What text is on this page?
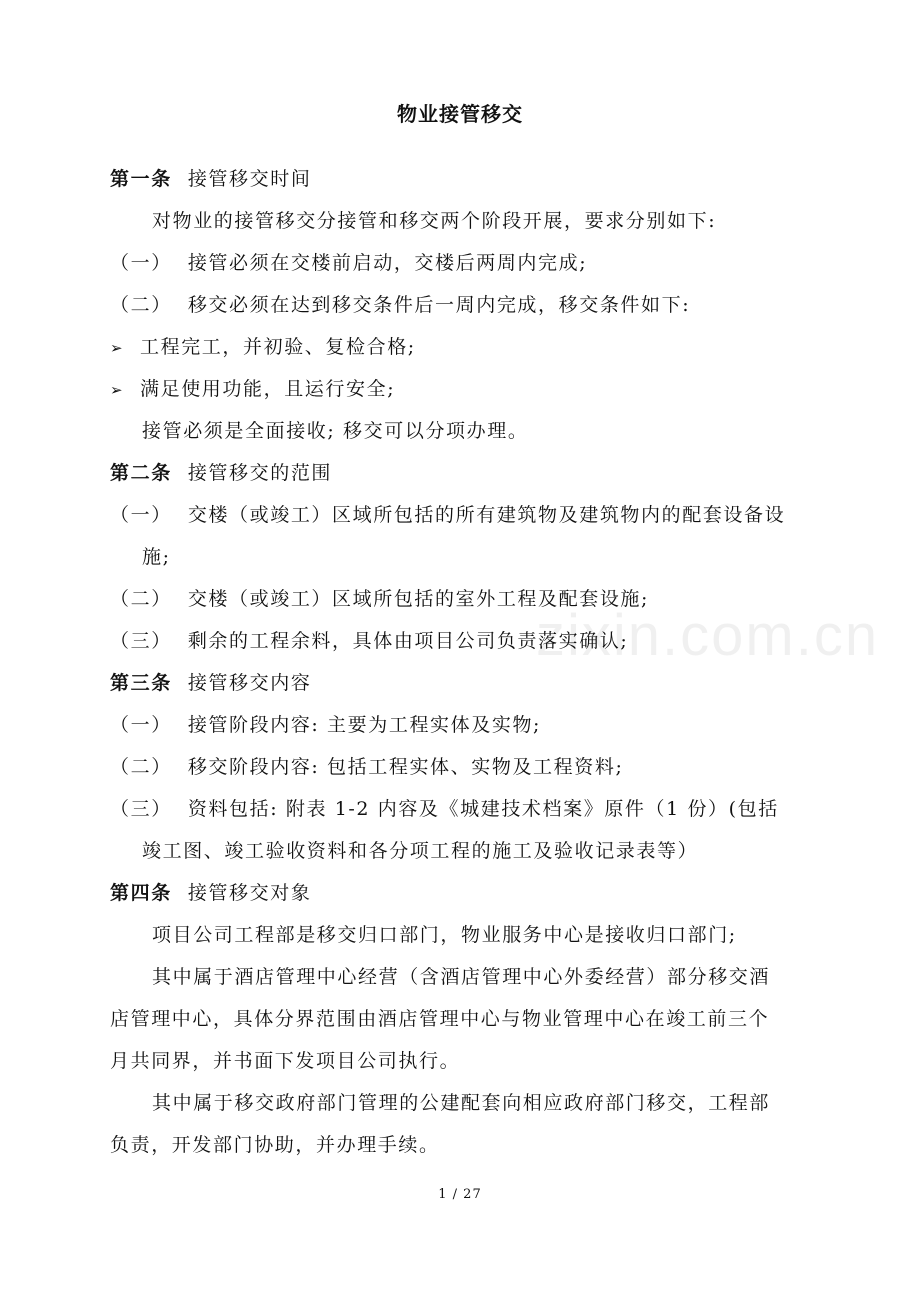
物业接管移交
第一条 接管移交时间
对物业的接管移交分接管和移交两个阶段开展，要求分别如下:
（一） 接管必须在交楼前启动，交楼后两周内完成;
（二） 移交必须在达到移交条件后一周内完成，移交条件如下:
➢ 工程完工，并初验、复检合格;
➢ 满足使用功能，且运行安全;
接管必须是全面接收; 移交可以分项办理。
第二条 接管移交的范围
（一） 交楼（或竣工）区域所包括的所有建筑物及建筑物内的配套设备设
施;
（二） 交楼（或竣工）区域所包括的室外工程及配套设施;
（三） 剩余的工程余料，具体由项目公司负责落实确认;
第三条 接管移交内容
（一） 接管阶段内容: 主要为工程实体及实物;
（二） 移交阶段内容: 包括工程实体、实物及工程资料;
（三） 资料包括: 附表 1-2 内容及《城建技术档案》原件（1 份）(包括
竣工图、竣工验收资料和各分项工程的施工及验收记录表等）
第四条 接管移交对象
项目公司工程部是移交归口部门，物业服务中心是接收归口部门;
其中属于酒店管理中心经营（含酒店管理中心外委经营）部分移交酒
店管理中心，具体分界范围由酒店管理中心与物业管理中心在竣工前三个
月共同界，并书面下发项目公司执行。
其中属于移交政府部门管理的公建配套向相应政府部门移交，工程部
负责，开发部门协助，并办理手续。
zixin.com.cn
1 / 27
